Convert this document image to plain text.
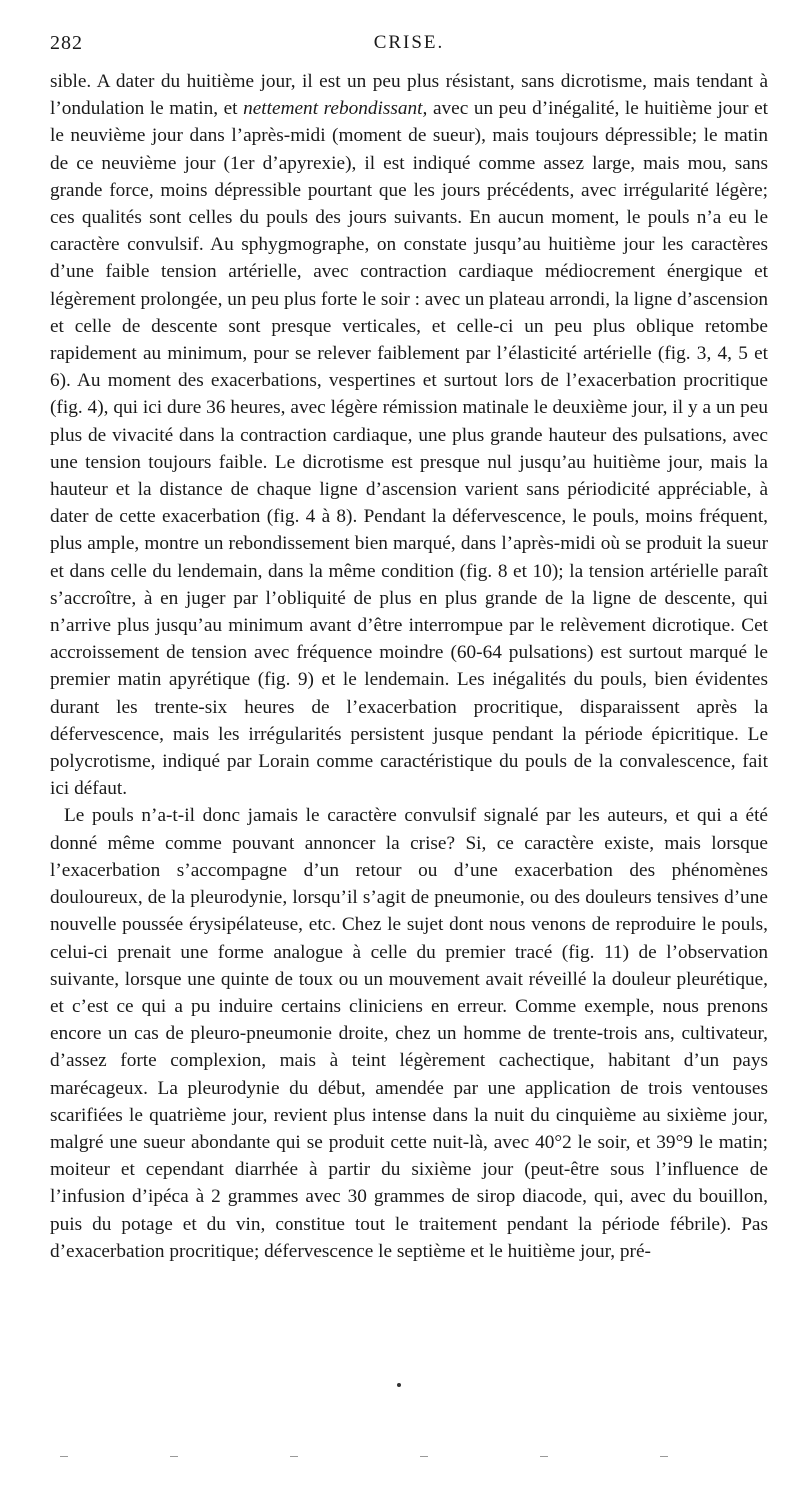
282	CRISE.

sible. A dater du huitième jour, il est un peu plus résistant, sans dicrotisme, mais tendant à l’ondulation le matin, et nettement rebondissant, avec un peu d’inégalité, le huitième jour et le neuvième jour dans l’après-midi (moment de sueur), mais toujours dépressible; le matin de ce neuvième jour (1er d’apyrexie), il est indiqué comme assez large, mais mou, sans grande force, moins dépressible pourtant que les jours précédents, avec irrégularité légère; ces qualités sont celles du pouls des jours suivants. En aucun moment, le pouls n’a eu le caractère convulsif. Au sphygmographe, on constate jusqu’au huitième jour les caractères d’une faible tension artérielle, avec contraction cardiaque médiocrement énergique et légèrement prolongée, un peu plus forte le soir : avec un plateau arrondi, la ligne d’ascension et celle de descente sont presque verticales, et celle-ci un peu plus oblique retombe rapidement au minimum, pour se relever faiblement par l’élasticité artérielle (fig. 3, 4, 5 et 6). Au moment des exacerbations, vespertines et surtout lors de l’exacerbation procritique (fig. 4), qui ici dure 36 heures, avec légère rémission matinale le deuxième jour, il y a un peu plus de vivacité dans la contraction cardiaque, une plus grande hauteur des pulsations, avec une tension toujours faible. Le dicrotisme est presque nul jusqu’au huitième jour, mais la hauteur et la distance de chaque ligne d’ascension varient sans périodicité appréciable, à dater de cette exacerbation (fig. 4 à 8). Pendant la défervescence, le pouls, moins fréquent, plus ample, montre un rebondissement bien marqué, dans l’après-midi où se produit la sueur et dans celle du lendemain, dans la même condition (fig. 8 et 10); la tension artérielle paraît s’accroître, à en juger par l’obliquité de plus en plus grande de la ligne de descente, qui n’arrive plus jusqu’au minimum avant d’être interrompue par le relèvement dicrotique. Cet accroissement de tension avec fréquence moindre (60-64 pulsations) est surtout marqué le premier matin apyrétique (fig. 9) et le lendemain. Les inégalités du pouls, bien évidentes durant les trente-six heures de l’exacerbation procritique, disparaissent après la défervescence, mais les irrégularités persistent jusque pendant la période épicritique. Le polycrotisme, indiqué par Lorain comme caractéristique du pouls de la convalescence, fait ici défaut.

Le pouls n’a-t-il donc jamais le caractère convulsif signalé par les auteurs, et qui a été donné même comme pouvant annoncer la crise? Si, ce caractère existe, mais lorsque l’exacerbation s’accompagne d’un retour ou d’une exacerbation des phénomènes douloureux, de la pleurodynie, lorsqu’il s’agit de pneumonie, ou des douleurs tensives d’une nouvelle poussée érysipélateuse, etc. Chez le sujet dont nous venons de reproduire le pouls, celui-ci prenait une forme analogue à celle du premier tracé (fig. 11) de l’observation suivante, lorsque une quinte de toux ou un mouvement avait réveillé la douleur pleurétique, et c’est ce qui a pu induire certains cliniciens en erreur. Comme exemple, nous prenons encore un cas de pleuro-pneumonie droite, chez un homme de trente-trois ans, cultivateur, d’assez forte complexion, mais à teint légèrement cachectique, habitant d’un pays marécageux. La pleurodynie du début, amendée par une application de trois ventouses scarifiées le quatrième jour, revient plus intense dans la nuit du cinquième au sixième jour, malgré une sueur abondante qui se produit cette nuit-là, avec 40°2 le soir, et 39°9 le matin; moiteur et cependant diarrhée à partir du sixième jour (peut-être sous l’influence de l’infusion d’ipéca à 2 grammes avec 30 grammes de sirop diacode, qui, avec du bouillon, puis du potage et du vin, constitue tout le traitement pendant la période fébrile). Pas d’exacerbation procritique; défervescence le septième et le huitième jour, pré-
